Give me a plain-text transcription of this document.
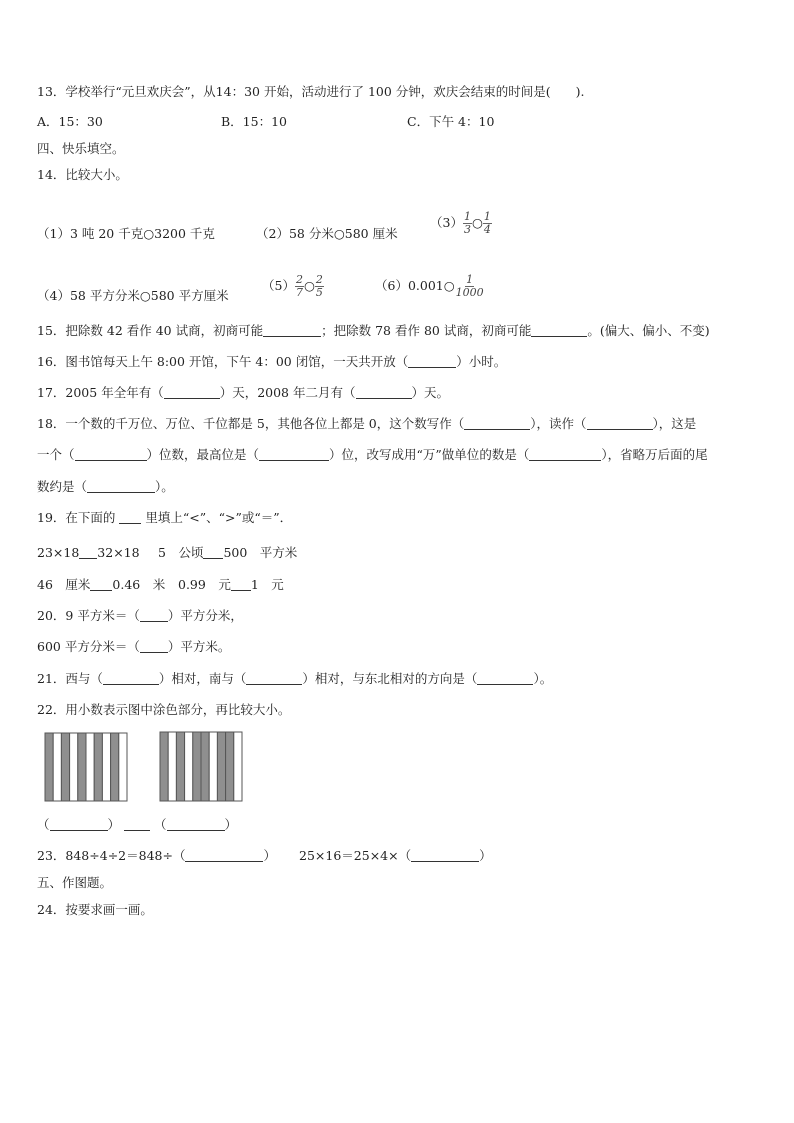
13．学校举行“元旦欢庆会”，从14：30 开始，活动进行了 100 分钟，欢庆会结束的时间是(　　).
A．15：30	B．15：10	C．下午 4：10
四、快乐填空。
14．比较大小。
（1）3 吨 20 千克○3200 千克	（2）58 分米○580 厘米
$(3) \frac{1}{3}$ ○ $\frac{1}{4}$
（4）58 平方分米○580 平方厘米
$(5) \frac{2}{7}$ ○ $\frac{2}{5}$	（6）0.001○ $\frac{1}{1000}$
15．把除数 42 看作 40 试商，初商可能	；把除数 78 看作 80 试商，初商可能	。(偏大、偏小、不变)
16．图书馆每天上午 8:00 开馆，下午 4：00 闭馆，一天共开放（	）小时。
17．2005 年全年有（	）天，2008 年二月有（	）天。
18．一个数的千万位、万位、千位都是 5，其他各位上都是 0，这个数写作（	），读作（	），这是
一个（	）位数，最高位是（	）位，改写成用“万”做单位的数是（	），省略万后面的尾
数约是（	）。
19．在下面的 里填上“<”、“>”或“＝”．
23×18 32×18 5　公顷 500　平方米
46　厘米 0.46　米 0.99　元 1　元
20．9 平方米＝（ ）平方分米，
600 平方分米＝（ ）平方米。
21．西与（	）相对，南与（	）相对，与东北相对的方向是（	）。
22．用小数表示图中涂色部分，再比较大小。
（	）	（	）
23．848÷4÷2＝848÷（	） 25×16＝25×4×（	）
五、作图题。
24．按要求画一画。
